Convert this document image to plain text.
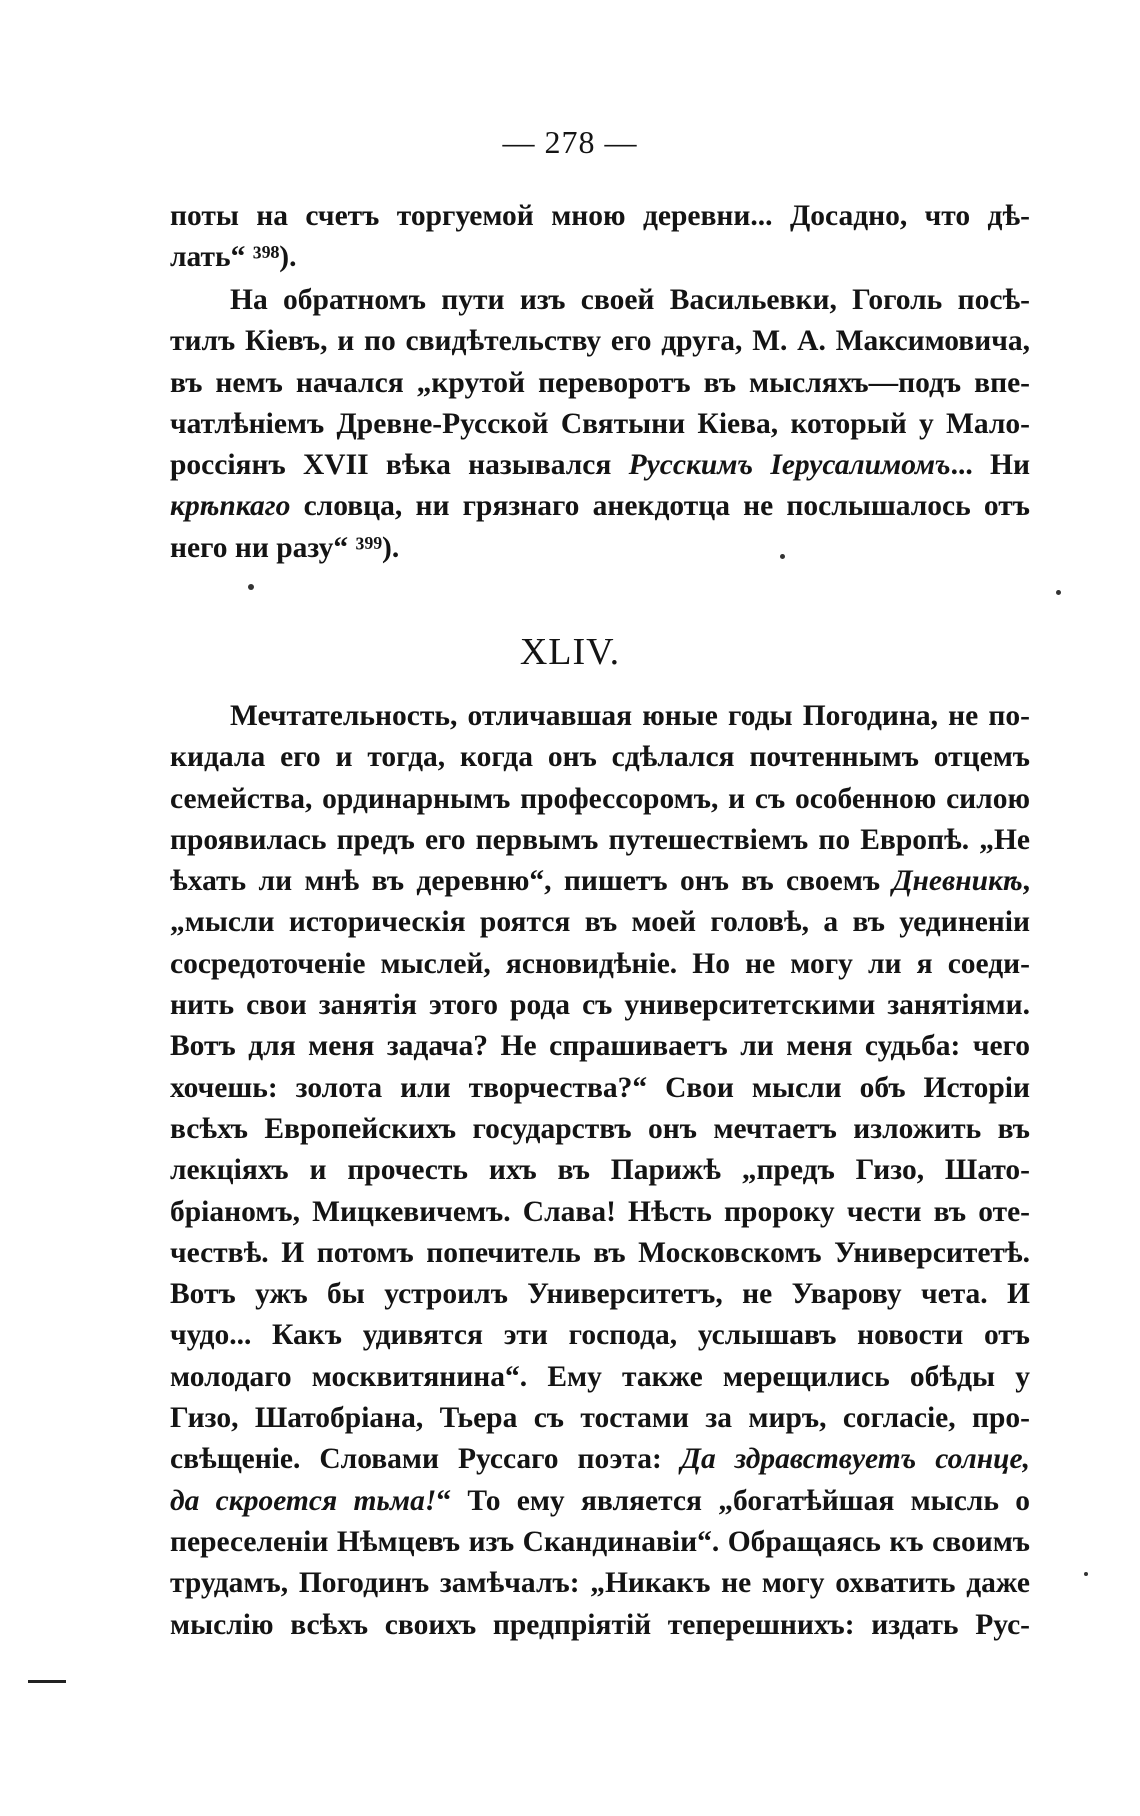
— 278 —
поты на счетъ торгуемой мною деревни... Досадно, что дѣ-
лать“ ³⁹⁸).
На обратномъ пути изъ своей Васильевки, Гоголь посѣ-
тилъ Кіевъ, и по свидѣтельству его друга, М. А. Максимовича,
въ немъ начался „крутой переворотъ въ мысляхъ—подъ впе-
чатлѣніемъ Древне-Русской Святыни Кіева, который у Мало-
россіянъ XVII вѣка назывался Русскимъ Іерусалимомъ... Ни
крѣпкаго словца, ни грязнаго анекдотца не послышалось отъ
него ни разу“ ³⁹⁹).
XLIV.
Мечтательность, отличавшая юные годы Погодина, не по-
кидала его и тогда, когда онъ сдѣлался почтеннымъ отцемъ
семейства, ординарнымъ профессоромъ, и съ особенною силою
проявилась предъ его первымъ путешествіемъ по Европѣ. „Не
ѣхать ли мнѣ въ деревню“, пишетъ онъ въ своемъ Дневникѣ,
„мысли историческія роятся въ моей головѣ, а въ уединеніи
сосредоточеніе мыслей, ясновидѣніе. Но не могу ли я соеди-
нить свои занятія этого рода съ университетскими занятіями.
Вотъ для меня задача? Не спрашиваетъ ли меня судьба: чего
хочешь: золота или творчества?“ Свои мысли объ Исторіи
всѣхъ Европейскихъ государствъ онъ мечтаетъ изложить въ
лекціяхъ и прочесть ихъ въ Парижѣ „предъ Гизо, Шато-
бріаномъ, Мицкевичемъ. Слава! Нѣсть пророку чести въ оте-
чествѣ. И потомъ попечитель въ Московскомъ Университетѣ.
Вотъ ужъ бы устроилъ Университетъ, не Уварову чета. И
чудо... Какъ удивятся эти господа, услышавъ новости отъ
молодаго москвитянина“. Ему также мерещились обѣды у
Гизо, Шатобріана, Тьера съ тостами за миръ, согласіе, про-
свѣщеніе. Словами Руссаго поэта: Да здравствуетъ солнце,
да скроется тьма!“ То ему является „богатѣйшая мысль о
переселеніи Нѣмцевъ изъ Скандинавіи“. Обращаясь къ своимъ
трудамъ, Погодинъ замѣчалъ: „Никакъ не могу охватить даже
мыслію всѣхъ своихъ предпріятій теперешнихъ: издать Рус-
